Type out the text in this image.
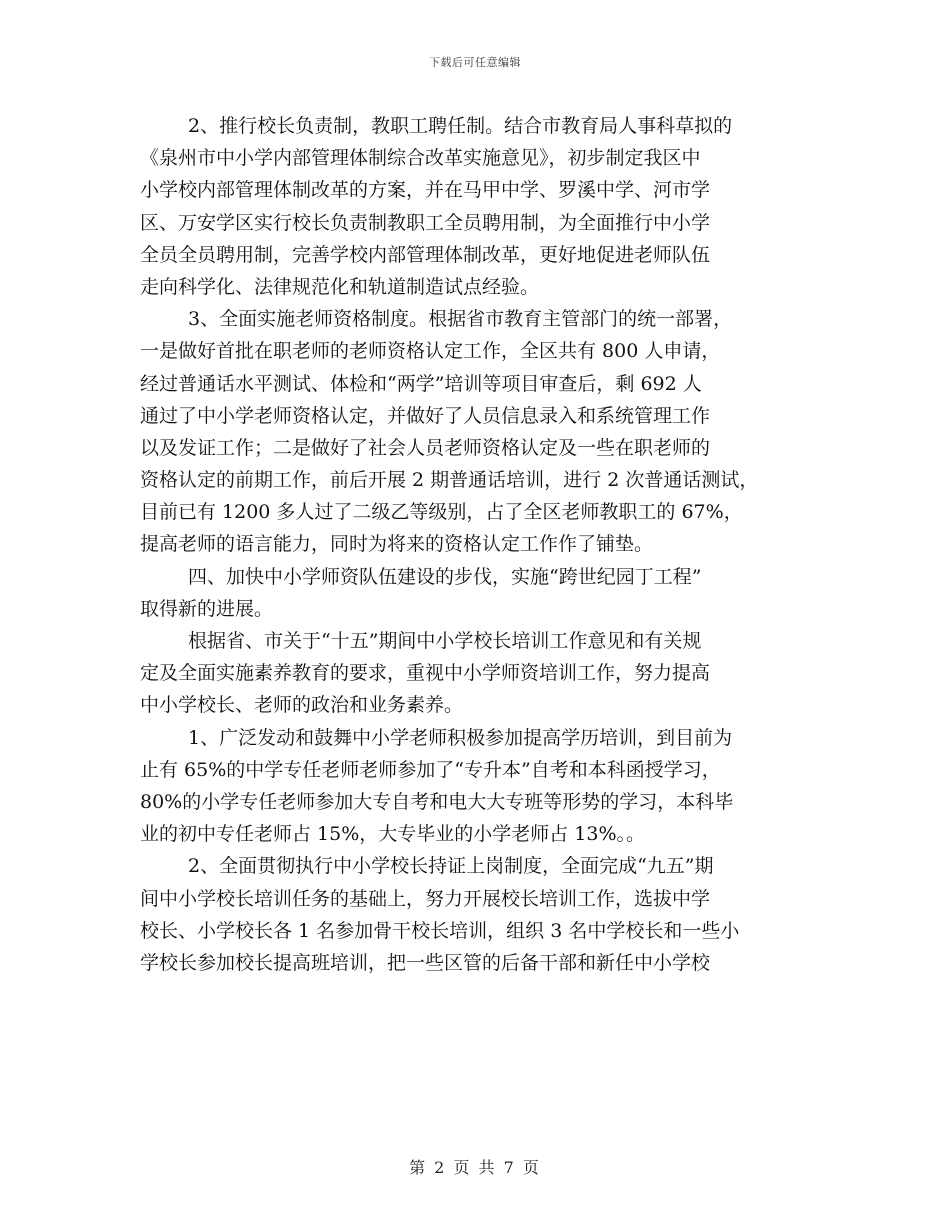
下载后可任意编辑
2、推行校长负责制，教职工聘任制。结合市教育局人事科草拟的
《泉州市中小学内部管理体制综合改革实施意见》，初步制定我区中
小学校内部管理体制改革的方案，并在马甲中学、罗溪中学、河市学
区、万安学区实行校长负责制教职工全员聘用制，为全面推行中小学
全员全员聘用制，完善学校内部管理体制改革，更好地促进老师队伍
走向科学化、法律规范化和轨道制造试点经验。
3、全面实施老师资格制度。根据省市教育主管部门的统一部署，
一是做好首批在职老师的老师资格认定工作，全区共有 800 人申请，
经过普通话水平测试、体检和“两学”培训等项目审查后，剩 692 人
通过了中小学老师资格认定，并做好了人员信息录入和系统管理工作
以及发证工作；二是做好了社会人员老师资格认定及一些在职老师的
资格认定的前期工作，前后开展 2 期普通话培训，进行 2 次普通话测试，
目前已有 1200 多人过了二级乙等级别，占了全区老师教职工的 67%，
提高老师的语言能力，同时为将来的资格认定工作作了铺垫。
四、加快中小学师资队伍建设的步伐，实施“跨世纪园丁工程”
取得新的进展。
根据省、市关于“十五”期间中小学校长培训工作意见和有关规
定及全面实施素养教育的要求，重视中小学师资培训工作，努力提高
中小学校长、老师的政治和业务素养。
1、广泛发动和鼓舞中小学老师积极参加提高学历培训，到目前为
止有 65%的中学专任老师老师参加了“专升本”自考和本科函授学习，
80%的小学专任老师参加大专自考和电大大专班等形势的学习，本科毕
业的初中专任老师占 15%，大专毕业的小学老师占 13%。。
2、全面贯彻执行中小学校长持证上岗制度，全面完成“九五”期
间中小学校长培训任务的基础上，努力开展校长培训工作，选拔中学
校长、小学校长各 1 名参加骨干校长培训，组织 3 名中学校长和一些小
学校长参加校长提高班培训，把一些区管的后备干部和新任中小学校
第 2 页 共 7 页
